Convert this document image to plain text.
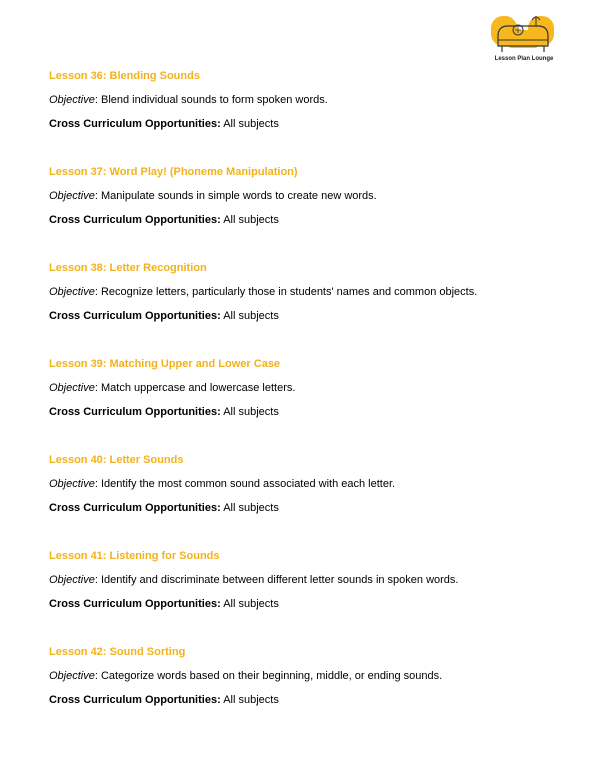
Lesson Plan Lounge
Lesson 36: Blending Sounds
Objective: Blend individual sounds to form spoken words.
Cross Curriculum Opportunities: All subjects
Lesson 37: Word Play! (Phoneme Manipulation)
Objective: Manipulate sounds in simple words to create new words.
Cross Curriculum Opportunities: All subjects
Lesson 38: Letter Recognition
Objective: Recognize letters, particularly those in students' names and common objects.
Cross Curriculum Opportunities: All subjects
Lesson 39: Matching Upper and Lower Case
Objective: Match uppercase and lowercase letters.
Cross Curriculum Opportunities: All subjects
Lesson 40: Letter Sounds
Objective: Identify the most common sound associated with each letter.
Cross Curriculum Opportunities: All subjects
Lesson 41: Listening for Sounds
Objective: Identify and discriminate between different letter sounds in spoken words.
Cross Curriculum Opportunities: All subjects
Lesson 42: Sound Sorting
Objective: Categorize words based on their beginning, middle, or ending sounds.
Cross Curriculum Opportunities: All subjects
